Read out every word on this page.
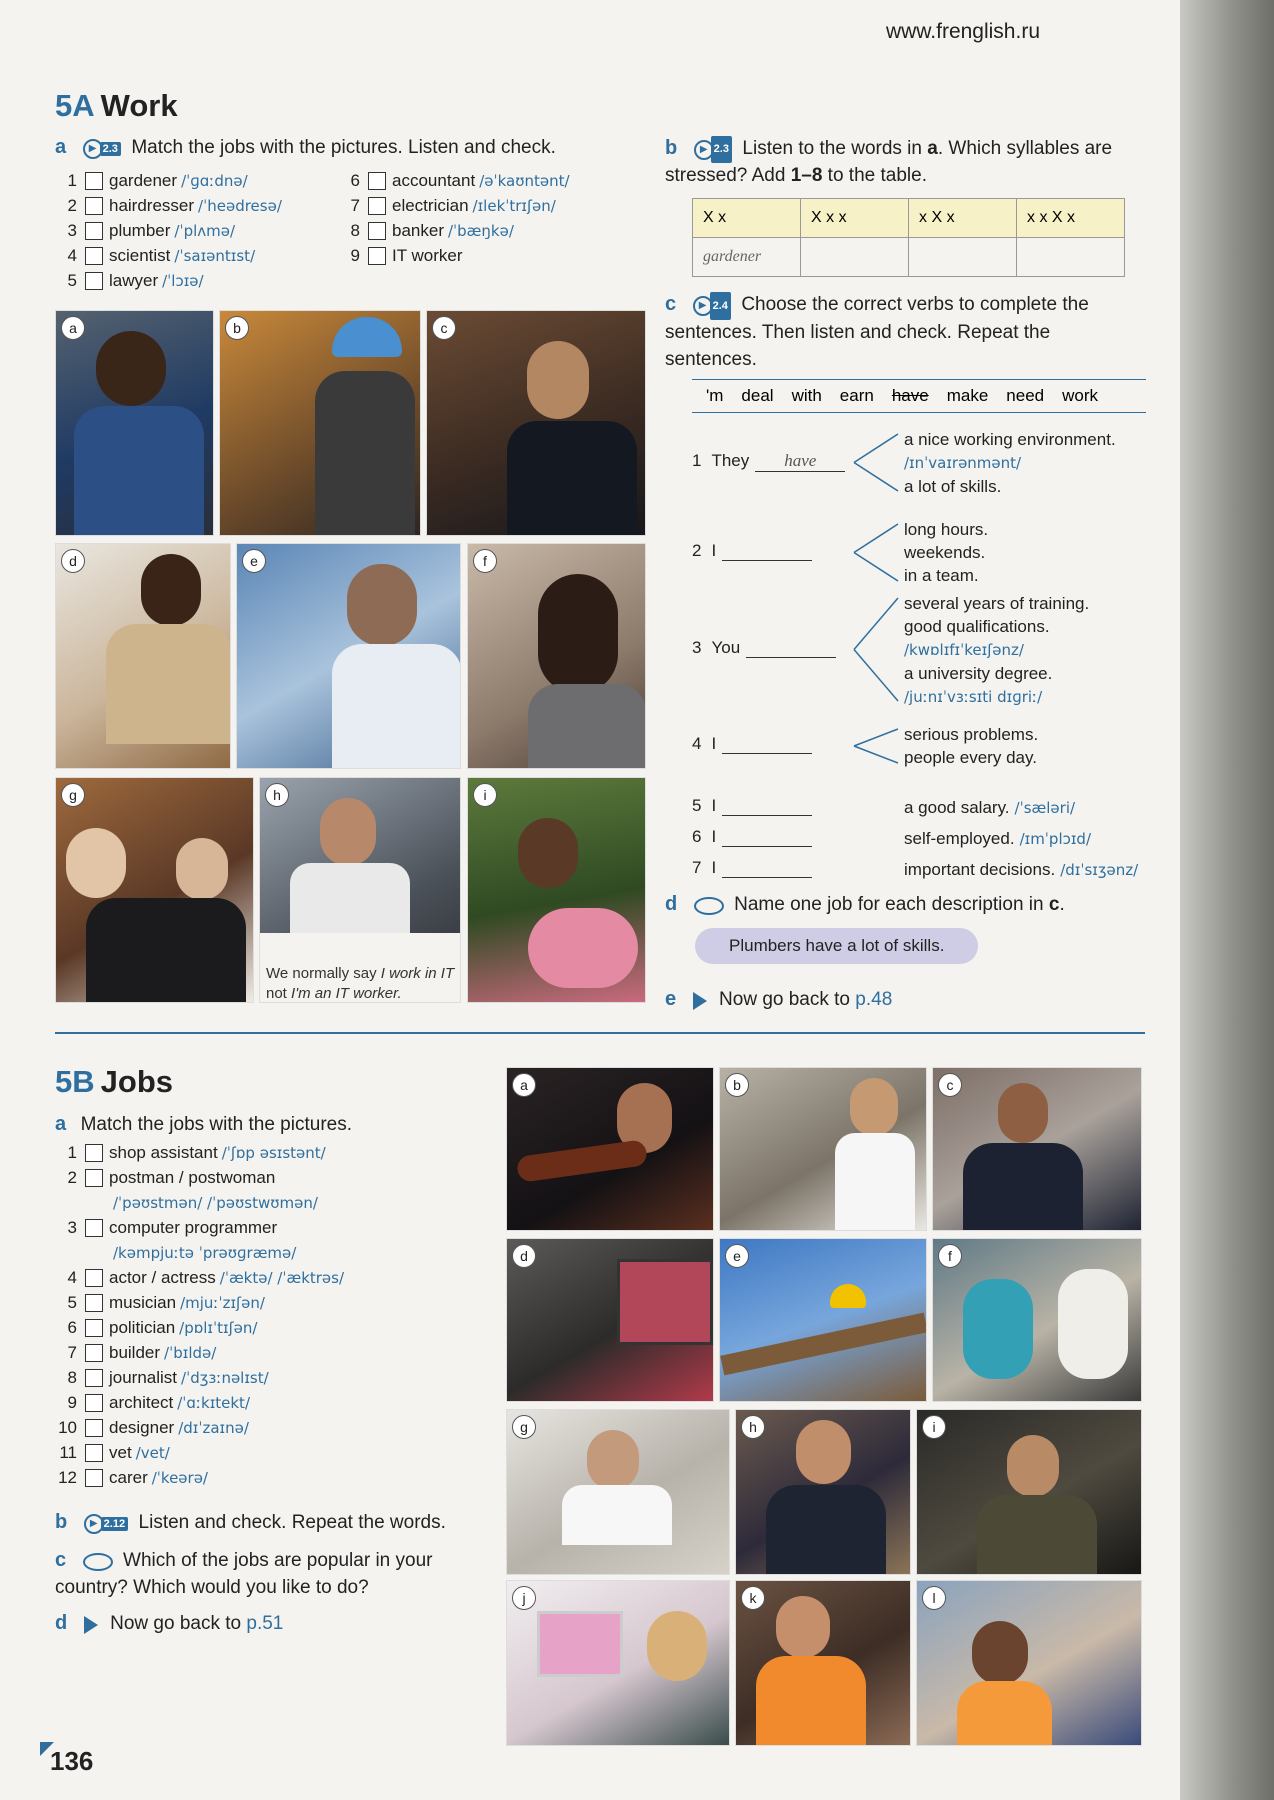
www.frenglish.ru
5A Work
a	▶ 2.3 Match the jobs with the pictures. Listen and check.
1 gardener /ˈɡɑːdnə/
2 hairdresser /ˈheədresə/
3 plumber /ˈplʌmə/
4 scientist /ˈsaɪəntɪst/
5 lawyer /ˈlɔɪə/
6 accountant /əˈkaʊntənt/
7 electrician /ɪlekˈtrɪʃən/
8 banker /ˈbæŋkə/
9 IT worker
a	b	c
d	e	f
g	h
We normally say I work in IT not I'm an IT worker.
i
b	▶ 2.3 Listen to the words in a. Which syllables are stressed? Add 1–8 to the table.
X x	X x x	x X x	x x X x
gardener			
c	▶ 2.4 Choose the correct verbs to complete the sentences. Then listen and check. Repeat the sentences.
'm deal with earn have make need work
1 They have
a nice working environment.
/ɪnˈvaɪrənmənt/
a lot of skills.
2 I
long hours.
weekends.
in a team.
3 You
several years of training.
good qualifications.
/kwɒlɪfɪˈkeɪʃənz/
a university degree.
/juːnɪˈvɜːsɪti dɪɡriː/
4 I	serious problems.
people every day.
5 I	a good salary. /ˈsæləri/
6 I	self-employed. /ɪmˈplɔɪd/
7 I	important decisions. /dɪˈsɪʒənz/
d	Name one job for each description in c.
Plumbers have a lot of skills.
e Now go back to p.48
5B Jobs
a Match the jobs with the pictures.
1 shop assistant /ˈʃɒp əsɪstənt/
2 postman / postwoman
/ˈpəʊstmən/ /ˈpəʊstwʊmən/
3 computer programmer
/kəmpjuːtə ˈprəʊɡræmə/
4 actor / actress /ˈæktə/ /ˈæktrəs/
5 musician /mjuːˈzɪʃən/
6 politician /pɒlɪˈtɪʃən/
7 builder /ˈbɪldə/
8 journalist /ˈdʒɜːnəlɪst/
9 architect /ˈɑːkɪtekt/
10 designer /dɪˈzaɪnə/
11 vet /vet/
12 carer /ˈkeərə/
b	▶ 2.12 Listen and check. Repeat the words.
c	Which of the jobs are popular in your country? Which would you like to do?
d Now go back to p.51
a	b	c
d	e	f
g	h	i
j	k	l
136
